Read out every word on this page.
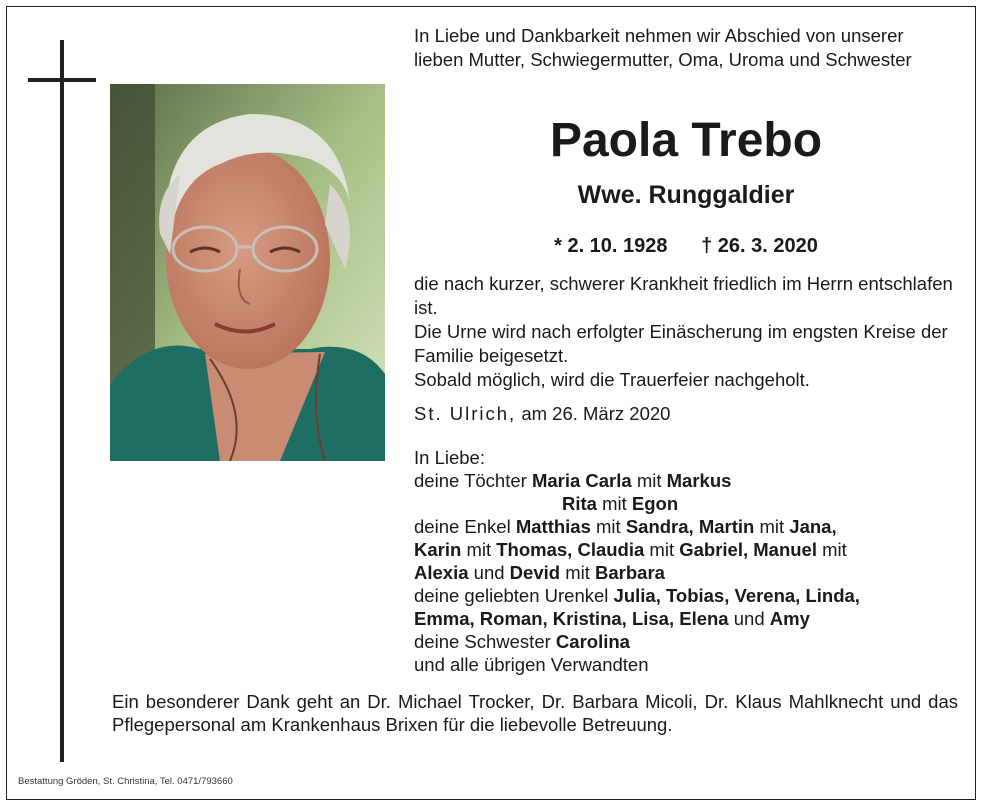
In Liebe und Dankbarkeit nehmen wir Abschied von unserer lieben Mutter, Schwiegermutter, Oma, Uroma und Schwester
Paola Trebo
Wwe. Runggaldier
* 2. 10. 1928 † 26. 3. 2020
die nach kurzer, schwerer Krankheit friedlich im Herrn entschlafen ist.
Die Urne wird nach erfolgter Einäscherung im engsten Kreise der Familie beigesetzt.
Sobald möglich, wird die Trauerfeier nachgeholt.
St. Ulrich, am 26. März 2020
In Liebe:
deine Töchter Maria Carla mit Markus
Rita mit Egon
deine Enkel Matthias mit Sandra, Martin mit Jana,
Karin mit Thomas, Claudia mit Gabriel, Manuel mit
Alexia und Devid mit Barbara
deine geliebten Urenkel Julia, Tobias, Verena, Linda,
Emma, Roman, Kristina, Lisa, Elena und Amy
deine Schwester Carolina
und alle übrigen Verwandten
Ein besonderer Dank geht an Dr. Michael Trocker, Dr. Barbara Micoli, Dr. Klaus Mahlknecht und das Pflegepersonal am Krankenhaus Brixen für die liebevolle Betreuung.
Bestattung Gröden, St. Christina, Tel. 0471/793660
